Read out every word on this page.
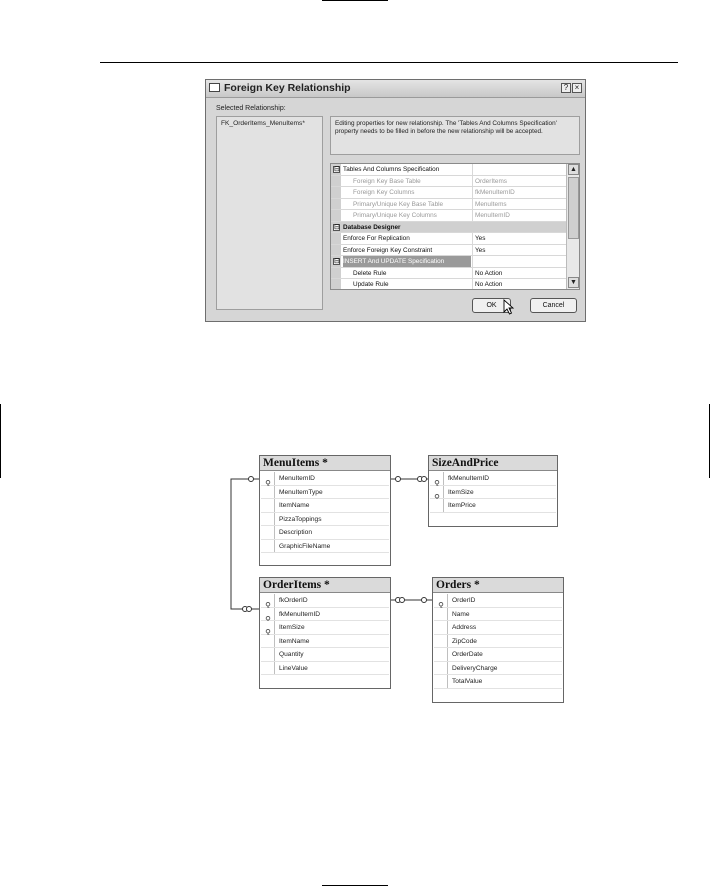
Foreign Key Relationship	? ×
Selected Relationship:
FK_OrderItems_MenuItems*	Editing properties for new relationship. The 'Tables And Columns Specification' property needs to be filled in before the new relationship will be accepted.
Update Rule	No Action
Delete Rule	No Action
⊟ INSERT And UPDATE Specification
Enforce Foreign Key Constraint	Yes
Enforce For Replication	Yes
⊟ Database Designer
Primary/Unique Key Columns	MenuItemID
Primary/Unique Key Base Table	MenuItems
Foreign Key Columns	fkMenuItemID
Foreign Key Base Table	OrderItems
⊟ Tables And Columns Specification	▲
▼
OK	Cancel
MenuItems *
MenuItemID
MenuItemType
ItemName
PizzaToppings
Description
GraphicFileName
SizeAndPrice
fkMenuItemID
ItemSize
ItemPrice
OrderItems *
fkOrderID
fkMenuItemID
ItemSize
ItemName
Quantity
LineValue
Orders *
OrderID
Name
Address
ZipCode
OrderDate
DeliveryCharge
TotalValue
